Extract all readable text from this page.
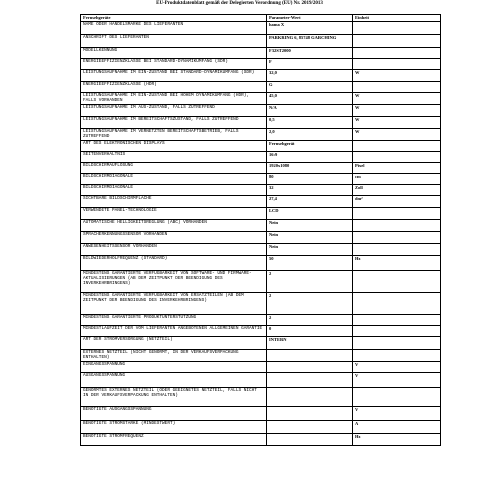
EU-Produktdatenblatt gemäß der Delegierten Verordnung (EU) Nr. 2019/2013
Fernsehgeräte	Parameter-Wert	Einheit
NAME ODER HANDELSMARKE DES LIEFERANTEN	hama X	
ANSCHRIFT DES LIEFERANTEN	PARKRING 6, 85748 GARCHING	
MODELLKENNUNG	F32ST2000	
ENERGIEEFFIZIENZKLASSE BEI STANDARD-DYNAMIKUMFANG (SDR)	F	
LEISTUNGSAUFNAHME IM EIN-ZUSTAND BEI STANDARD-DYNAMIKUMFANG (SDR)	32,0	W
ENERGIEEFFIZIENZKLASSE (HDR)	G	
LEISTUNGSAUFNAHME IM EIN-ZUSTAND BEI HOHEM DYNAMIKUMFANG (HDR), FALLS VORHANDEN	45,0	W
LEISTUNGSAUFNAHME IM AUS-ZUSTAND, FALLS ZUTREFFEND	N/A	W
LEISTUNGSAUFNAHME IM BEREITSCHAFTSZUSTAND, FALLS ZUTREFFEND	0,5	W
LEISTUNGSAUFNAHME IM VERNETZTEN BEREITSCHAFTSBETRIEB, FALLS ZUTREFFEND	2,0	W
ART DES ELEKTRONISCHEN DISPLAYS	Fernsehgerät	
SEITENVERHÄLTNIS	16:9	
BILDSCHIRMAUFLÖSUNG	1920x1080	Pixel
BILDSCHIRMDIAGONALE	80	cm
BILDSCHIRMDIAGONALE	32	Zoll
SICHTBARE BILDSCHIRMFLÄCHE	27,4	dm²
VERWENDETE PANEL-TECHNOLOGIE	LCD	
AUTOMATISCHE HELLIGKEITSREGLUNG (ABC) VORHANDEN	Nein	
SPRACHERKENNUNGSSENSOR VORHANDEN	Nein	
ANWESENHEITSSENSOR VORHANDEN	Nein	
BILDWIEDERHOLFREQUENZ (STANDARD)	50	Hz
MINDESTENS GARANTIERTE VERFÜGBARKEIT VON SOFTWARE- UND FIRMWARE- AKTUALISIERUNGEN (AB DEM ZEITPUNKT DER BEENDIGUNG DES INVERKEHRBRINGENS)	2	
MINDESTENS GARANTIERTE VERFÜGBARKEIT VON ERSATZTEILEN (AB DEM ZEITPUNKT DER BEENDIGUNG DES INVERKEHRBRINGENS)	2	
MINDESTENS GARANTIERTE PRODUKTUNTERSTÜTZUNG	2	
MINDESTLAUFZEIT DER VOM LIEFERANTEN ANGEBOTENEN ALLGEMEINEN GARANTIE	0	
ART DER STROMVERSORGUNG (NETZTEIL)	INTERN	
EXTERNES NETZTEIL (NICHT GENORMT, IN DER VERKAUFSVERPACKUNG ENTHALTEN)		
EINGANGSSPANNUNG		V
AUSGANGSSPANNUNG		V
GENORMTES EXTERNES NETZTEIL (ODER GEEIGNETES NETZTEIL, FALLS NICHT IN DER VERKAUFSVERPACKUNG ENTHALTEN)		
BENÖTIGTE AUSGANGSSPANNUNG		V
BENÖTIGTE STROMSTÄRKE (MINDESTWERT)		A
BENÖTIGTE STROMFREQUENZ		Hz
